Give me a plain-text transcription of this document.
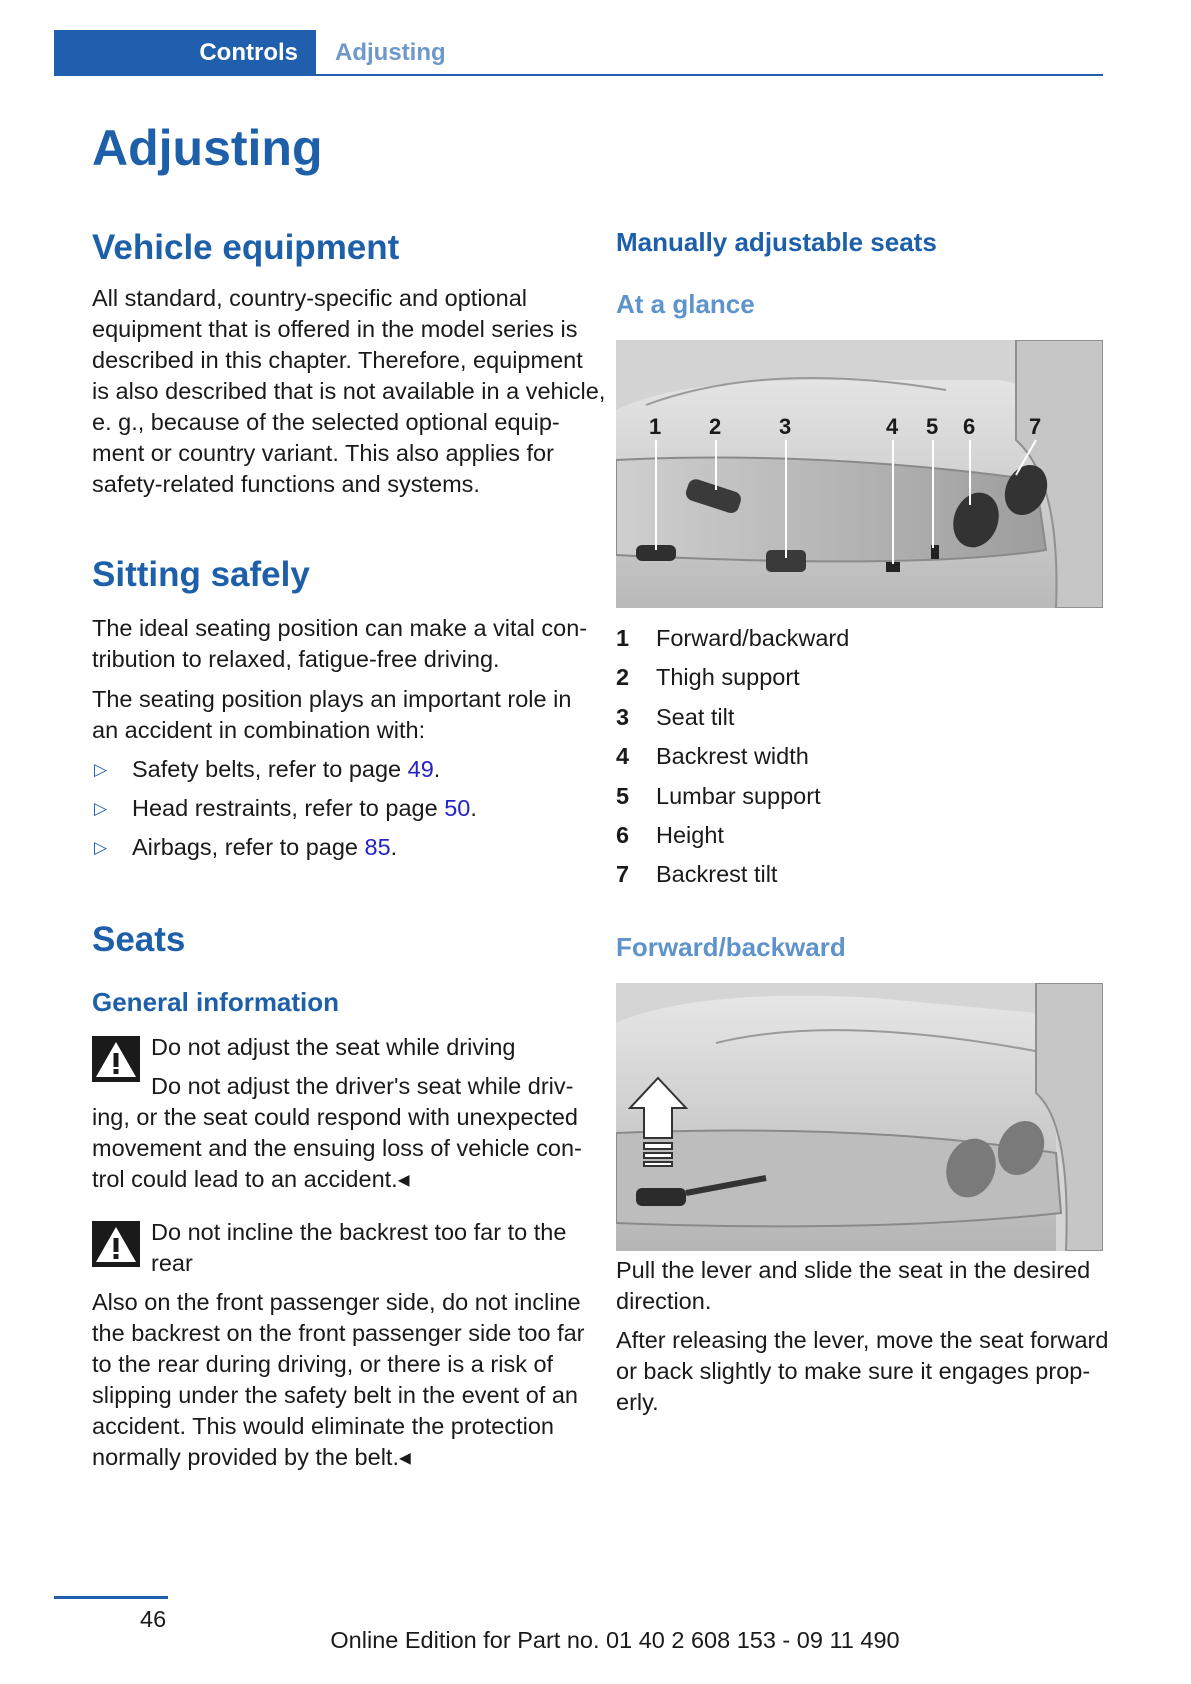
Controls Adjusting
Adjusting
Vehicle equipment
All standard, country-specific and optional
equipment that is offered in the model series is
described in this chapter. Therefore, equipment
is also described that is not available in a vehicle,
e. g., because of the selected optional equip-
ment or country variant. This also applies for
safety-related functions and systems.
Sitting safely
The ideal seating position can make a vital con-
tribution to relaxed, fatigue-free driving.
The seating position plays an important role in
an accident in combination with:
▷ Safety belts, refer to page 49.
▷ Head restraints, refer to page 50.
▷ Airbags, refer to page 85.
Seats
General information
Do not adjust the seat while driving
Do not adjust the driver's seat while driv-
ing, or the seat could respond with unexpected
movement and the ensuing loss of vehicle con-
trol could lead to an accident.◂
Do not incline the backrest too far to the
rear
Also on the front passenger side, do not incline
the backrest on the front passenger side too far
to the rear during driving, or there is a risk of
slipping under the safety belt in the event of an
accident. This would eliminate the protection
normally provided by the belt.◂
Manually adjustable seats
At a glance
1 2	3	4 5 6 7
1 Forward/backward
2 Thigh support
3 Seat tilt
4 Backrest width
5 Lumbar support
6 Height
7 Backrest tilt
Forward/backward
Pull the lever and slide the seat in the desired
direction.
After releasing the lever, move the seat forward
or back slightly to make sure it engages prop-
erly.
46
Online Edition for Part no. 01 40 2 608 153 - 09 11 490
